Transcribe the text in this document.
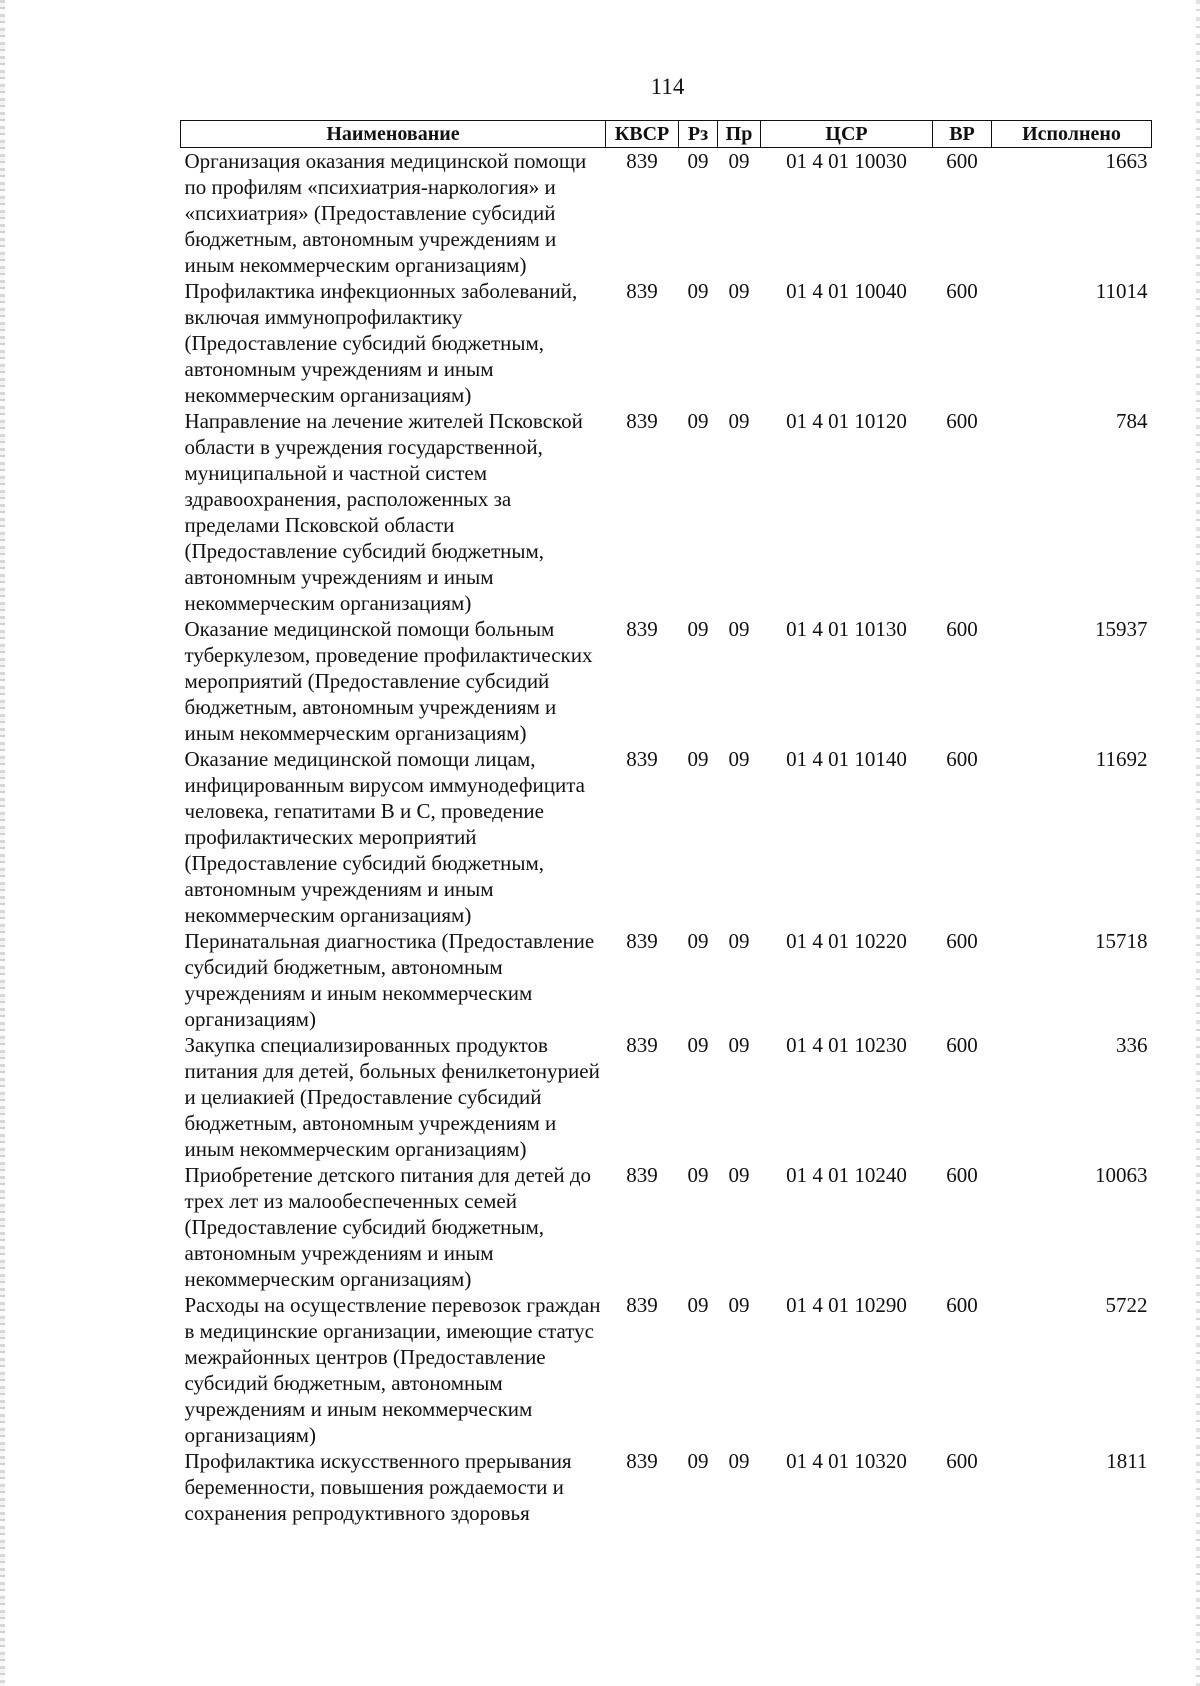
114
Наименование	КВСР	Рз	Пр	ЦСР	ВР	Исполнено
Организация оказания медицинской помощи по профилям «психиатрия-наркология» и «психиатрия» (Предоставление субсидий бюджетным, автономным учреждениям и иным некоммерческим организациям)	839	09	09	01 4 01 10030	600	1663
Профилактика инфекционных заболеваний, включая иммунопрофилактику (Предоставление субсидий бюджетным, автономным учреждениям и иным некоммерческим организациям)	839	09	09	01 4 01 10040	600	11014
Направление на лечение жителей Псковской области в учреждения государственной, муниципальной и частной систем здравоохранения, расположенных за пределами Псковской области (Предоставление субсидий бюджетным, автономным учреждениям и иным некоммерческим организациям)	839	09	09	01 4 01 10120	600	784
Оказание медицинской помощи больным туберкулезом, проведение профилактических мероприятий (Предоставление субсидий бюджетным, автономным учреждениям и иным некоммерческим организациям)	839	09	09	01 4 01 10130	600	15937
Оказание медицинской помощи лицам, инфицированным вирусом иммунодефицита человека, гепатитами В и С, проведение профилактических мероприятий (Предоставление субсидий бюджетным, автономным учреждениям и иным некоммерческим организациям)	839	09	09	01 4 01 10140	600	11692
Перинатальная диагностика (Предоставление субсидий бюджетным, автономным учреждениям и иным некоммерческим организациям)	839	09	09	01 4 01 10220	600	15718
Закупка специализированных продуктов питания для детей, больных фенилкетонурией и целиакией (Предоставление субсидий бюджетным, автономным учреждениям и иным некоммерческим организациям)	839	09	09	01 4 01 10230	600	336
Приобретение детского питания для детей до трех лет из малообеспеченных семей (Предоставление субсидий бюджетным, автономным учреждениям и иным некоммерческим организациям)	839	09	09	01 4 01 10240	600	10063
Расходы на осуществление перевозок граждан в медицинские организации, имеющие статус межрайонных центров (Предоставление субсидий бюджетным, автономным учреждениям и иным некоммерческим организациям)	839	09	09	01 4 01 10290	600	5722
Профилактика искусственного прерывания беременности, повышения рождаемости и сохранения репродуктивного здоровья	839	09	09	01 4 01 10320	600	1811
